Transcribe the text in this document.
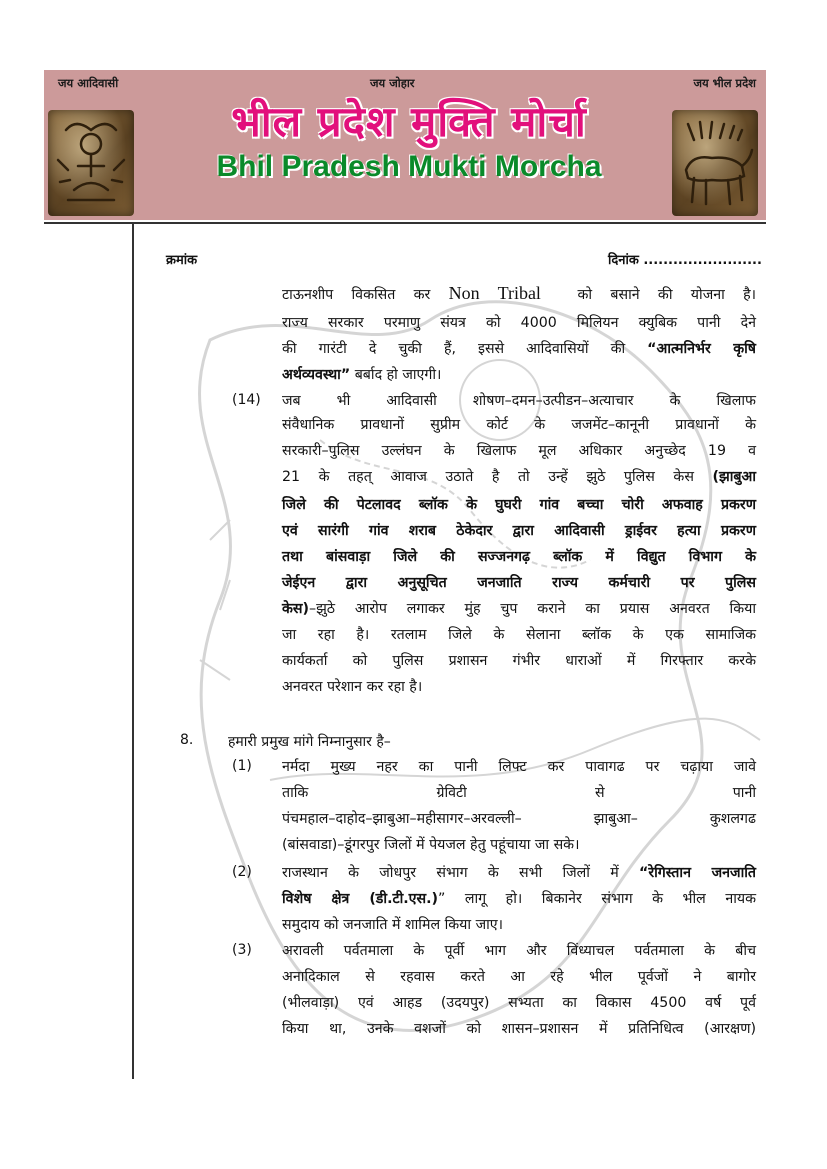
जय आदिवासी	जय जोहार	जय भील प्रदेश
भील प्रदेश मुक्ति मोर्चा
Bhil Pradesh Mukti Morcha
क्रमांक	दिनांक ........................
टाऊनशीप विकसित कर Non Tribal	को बसाने की योजना है।
राज्य सरकार परमाणु संयत्र को 4000 मिलियन क्युबिक पानी देने
की गारंटी दे चुकी हैं, इससे आदिवासियों की “आत्मनिर्भर कृषि
अर्थव्यवस्था” बर्बाद हो जाएगी।
(14) जब भी आदिवासी शोषण–दमन–उत्पीडन–अत्याचार के खिलाफ
संवैधानिक प्रावधानों सुप्रीम कोर्ट के जजमेंट–कानूनी प्रावधानों के
सरकारी–पुलिस उल्लंघन के खिलाफ मूल अधिकार अनुच्छेद 19 व
21 के तहत् आवाज उठाते है तो उन्हें झुठे पुलिस केस (झाबुआ
जिले की पेटलावद ब्लॉक के घुघरी गांव बच्चा चोरी अफवाह प्रकरण
एवं सारंगी गांव शराब ठेकेदार द्वारा आदिवासी ड्राईवर हत्या प्रकरण
तथा बांसवाड़ा जिले की सज्जनगढ़ ब्लॉक में विद्युत विभाग के
जेईएन द्वारा अनुसूचित जनजाति राज्य कर्मचारी पर पुलिस
केस)–झुठे आरोप लगाकर मुंह चुप कराने का प्रयास अनवरत किया
जा रहा है। रतलाम जिले के सेलाना ब्लॉक के एक सामाजिक
कार्यकर्ता को पुलिस प्रशासन गंभीर धाराओं में गिरफ्तार करके
अनवरत परेशान कर रहा है।
8. हमारी प्रमुख मांगे निम्नानुसार है–
(1) नर्मदा मुख्य नहर का पानी लिफ्ट कर पावागढ पर चढ़ाया जावे
ताकि ग्रेविटी से पानी
पंचमहाल–दाहोद–झाबुआ–महीसागर–अरवल्ली– झाबुआ– कुशलगढ
(बांसवाडा)–डूंगरपुर जिलों में पेयजल हेतु पहूंचाया जा सके।
(2) राजस्थान के जोधपुर संभाग के सभी जिलों में “रेगिस्तान जनजाति
विशेष क्षेत्र (डी.टी.एस.)” लागू हो। बिकानेर संभाग के भील नायक
समुदाय को जनजाति में शामिल किया जाए।
(3) अरावली पर्वतमाला के पूर्वी भाग और विंध्याचल पर्वतमाला के बीच
अनादिकाल से रहवास करते आ रहे भील पूर्वजों ने बागोर
(भीलवाड़ा) एवं आहड (उदयपुर) सभ्यता का विकास 4500 वर्ष पूर्व
किया था, उनके वशजों को शासन–प्रशासन में प्रतिनिधित्व (आरक्षण)
